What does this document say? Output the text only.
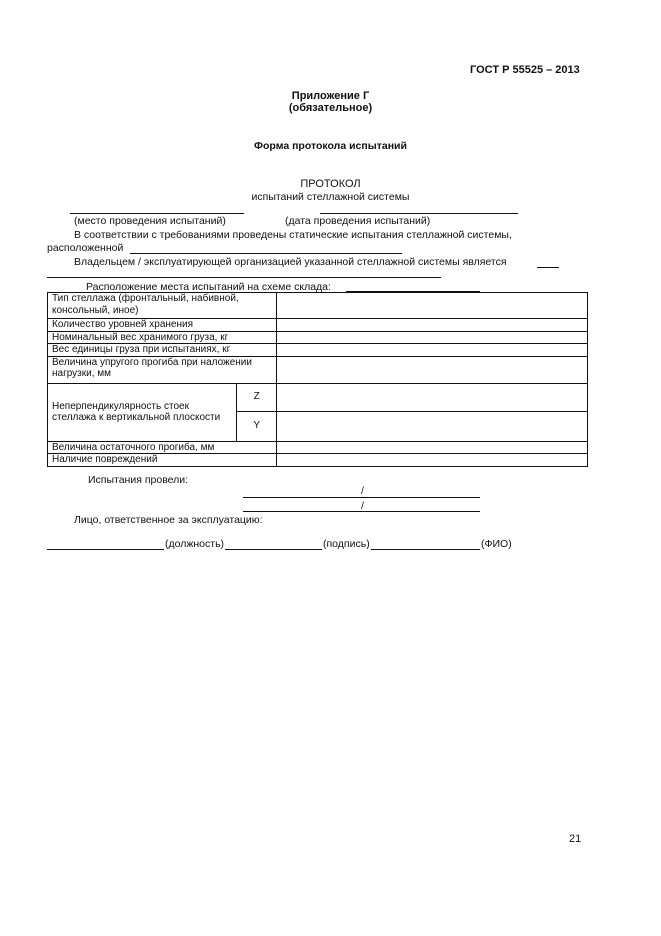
ГОСТ Р 55525 – 2013
Приложение Г
(обязательное)
Форма протокола испытаний
ПРОТОКОЛ
испытаний стеллажной системы
(место проведения испытаний)	(дата проведения испытаний)
В соответствии с требованиями проведены статические испытания стеллажной системы,
расположенной
Владельцем / эксплуатирующей организацией указанной стеллажной системы является
Расположение места испытаний на схеме склада:
Тип стеллажа (фронтальный, набивной, консольный, иное)		
Количество уровней хранения		
Номинальный вес хранимого груза, кг		
Вес единицы груза при испытаниях, кг		
Величина упругого прогиба при наложении нагрузки, мм		
Неперпендикулярность стоек стеллажа к вертикальной плоскости	Z	
	Y	
Величина остаточного прогиба, мм		
Наличие повреждений		
Испытания провели:
/
/
Лицо, ответственное за эксплуатацию:
(должность)	(подпись)	(ФИО)
21
